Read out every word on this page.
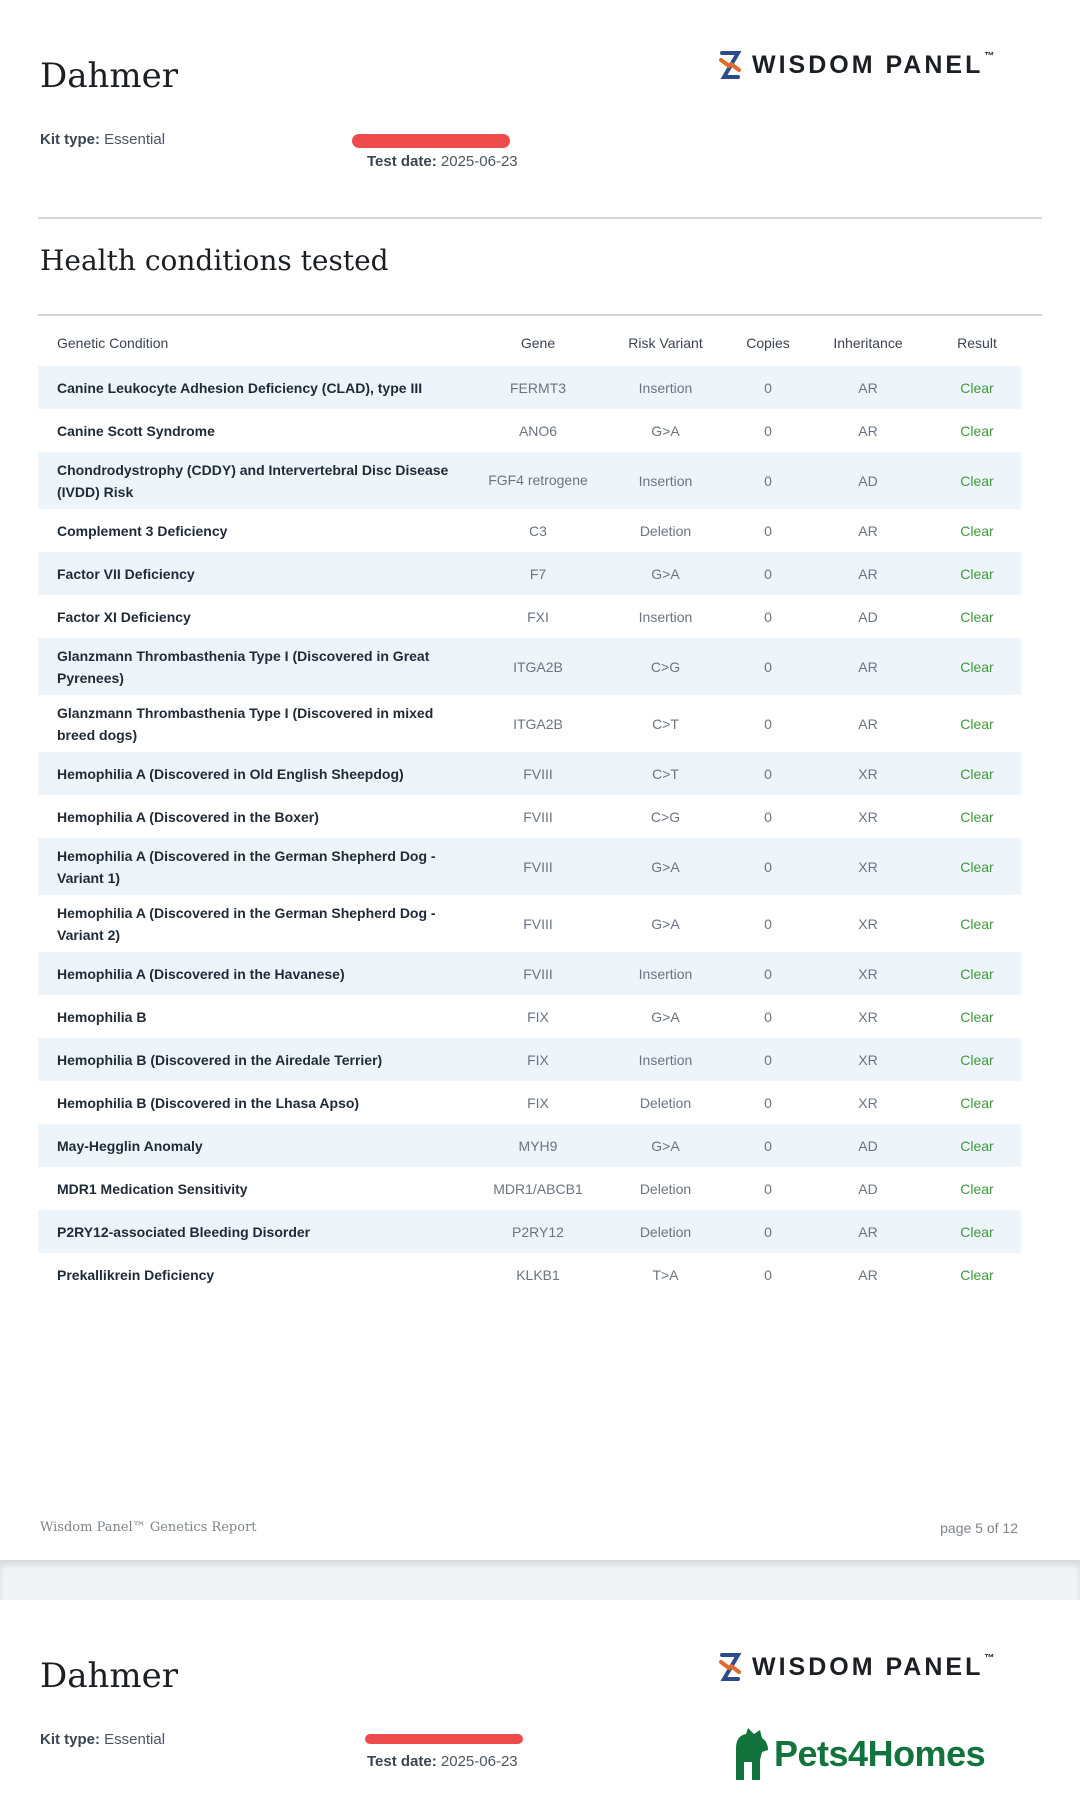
Dahmer	WISDOM PANEL™
Kit type: Essential
Test date: 2025-06-23
Health conditions tested
Genetic Condition	Gene	Risk Variant	Copies	Inheritance	Result
Canine Leukocyte Adhesion Deficiency (CLAD), type III	FERMT3	Insertion	0	AR	Clear
Canine Scott Syndrome	ANO6	G>A	0	AR	Clear
Chondrodystrophy (CDDY) and Intervertebral Disc Disease (IVDD) Risk	FGF4 retrogene	Insertion	0	AD	Clear
Complement 3 Deficiency	C3	Deletion	0	AR	Clear
Factor VII Deficiency	F7	G>A	0	AR	Clear
Factor XI Deficiency	FXI	Insertion	0	AD	Clear
Glanzmann Thrombasthenia Type I (Discovered in Great Pyrenees)	ITGA2B	C>G	0	AR	Clear
Glanzmann Thrombasthenia Type I (Discovered in mixed breed dogs)	ITGA2B	C>T	0	AR	Clear
Hemophilia A (Discovered in Old English Sheepdog)	FVIII	C>T	0	XR	Clear
Hemophilia A (Discovered in the Boxer)	FVIII	C>G	0	XR	Clear
Hemophilia A (Discovered in the German Shepherd Dog - Variant 1)	FVIII	G>A	0	XR	Clear
Hemophilia A (Discovered in the German Shepherd Dog - Variant 2)	FVIII	G>A	0	XR	Clear
Hemophilia A (Discovered in the Havanese)	FVIII	Insertion	0	XR	Clear
Hemophilia B	FIX	G>A	0	XR	Clear
Hemophilia B (Discovered in the Airedale Terrier)	FIX	Insertion	0	XR	Clear
Hemophilia B (Discovered in the Lhasa Apso)	FIX	Deletion	0	XR	Clear
May-Hegglin Anomaly	MYH9	G>A	0	AD	Clear
MDR1 Medication Sensitivity	MDR1/ABCB1	Deletion	0	AD	Clear
P2RY12-associated Bleeding Disorder	P2RY12	Deletion	0	AR	Clear
Prekallikrein Deficiency	KLKB1	T>A	0	AR	Clear
Wisdom Panel™ Genetics Report	page 5 of 12
Dahmer	WISDOM PANEL™
Kit type: Essential
Test date: 2025-06-23	Pets4Homes
